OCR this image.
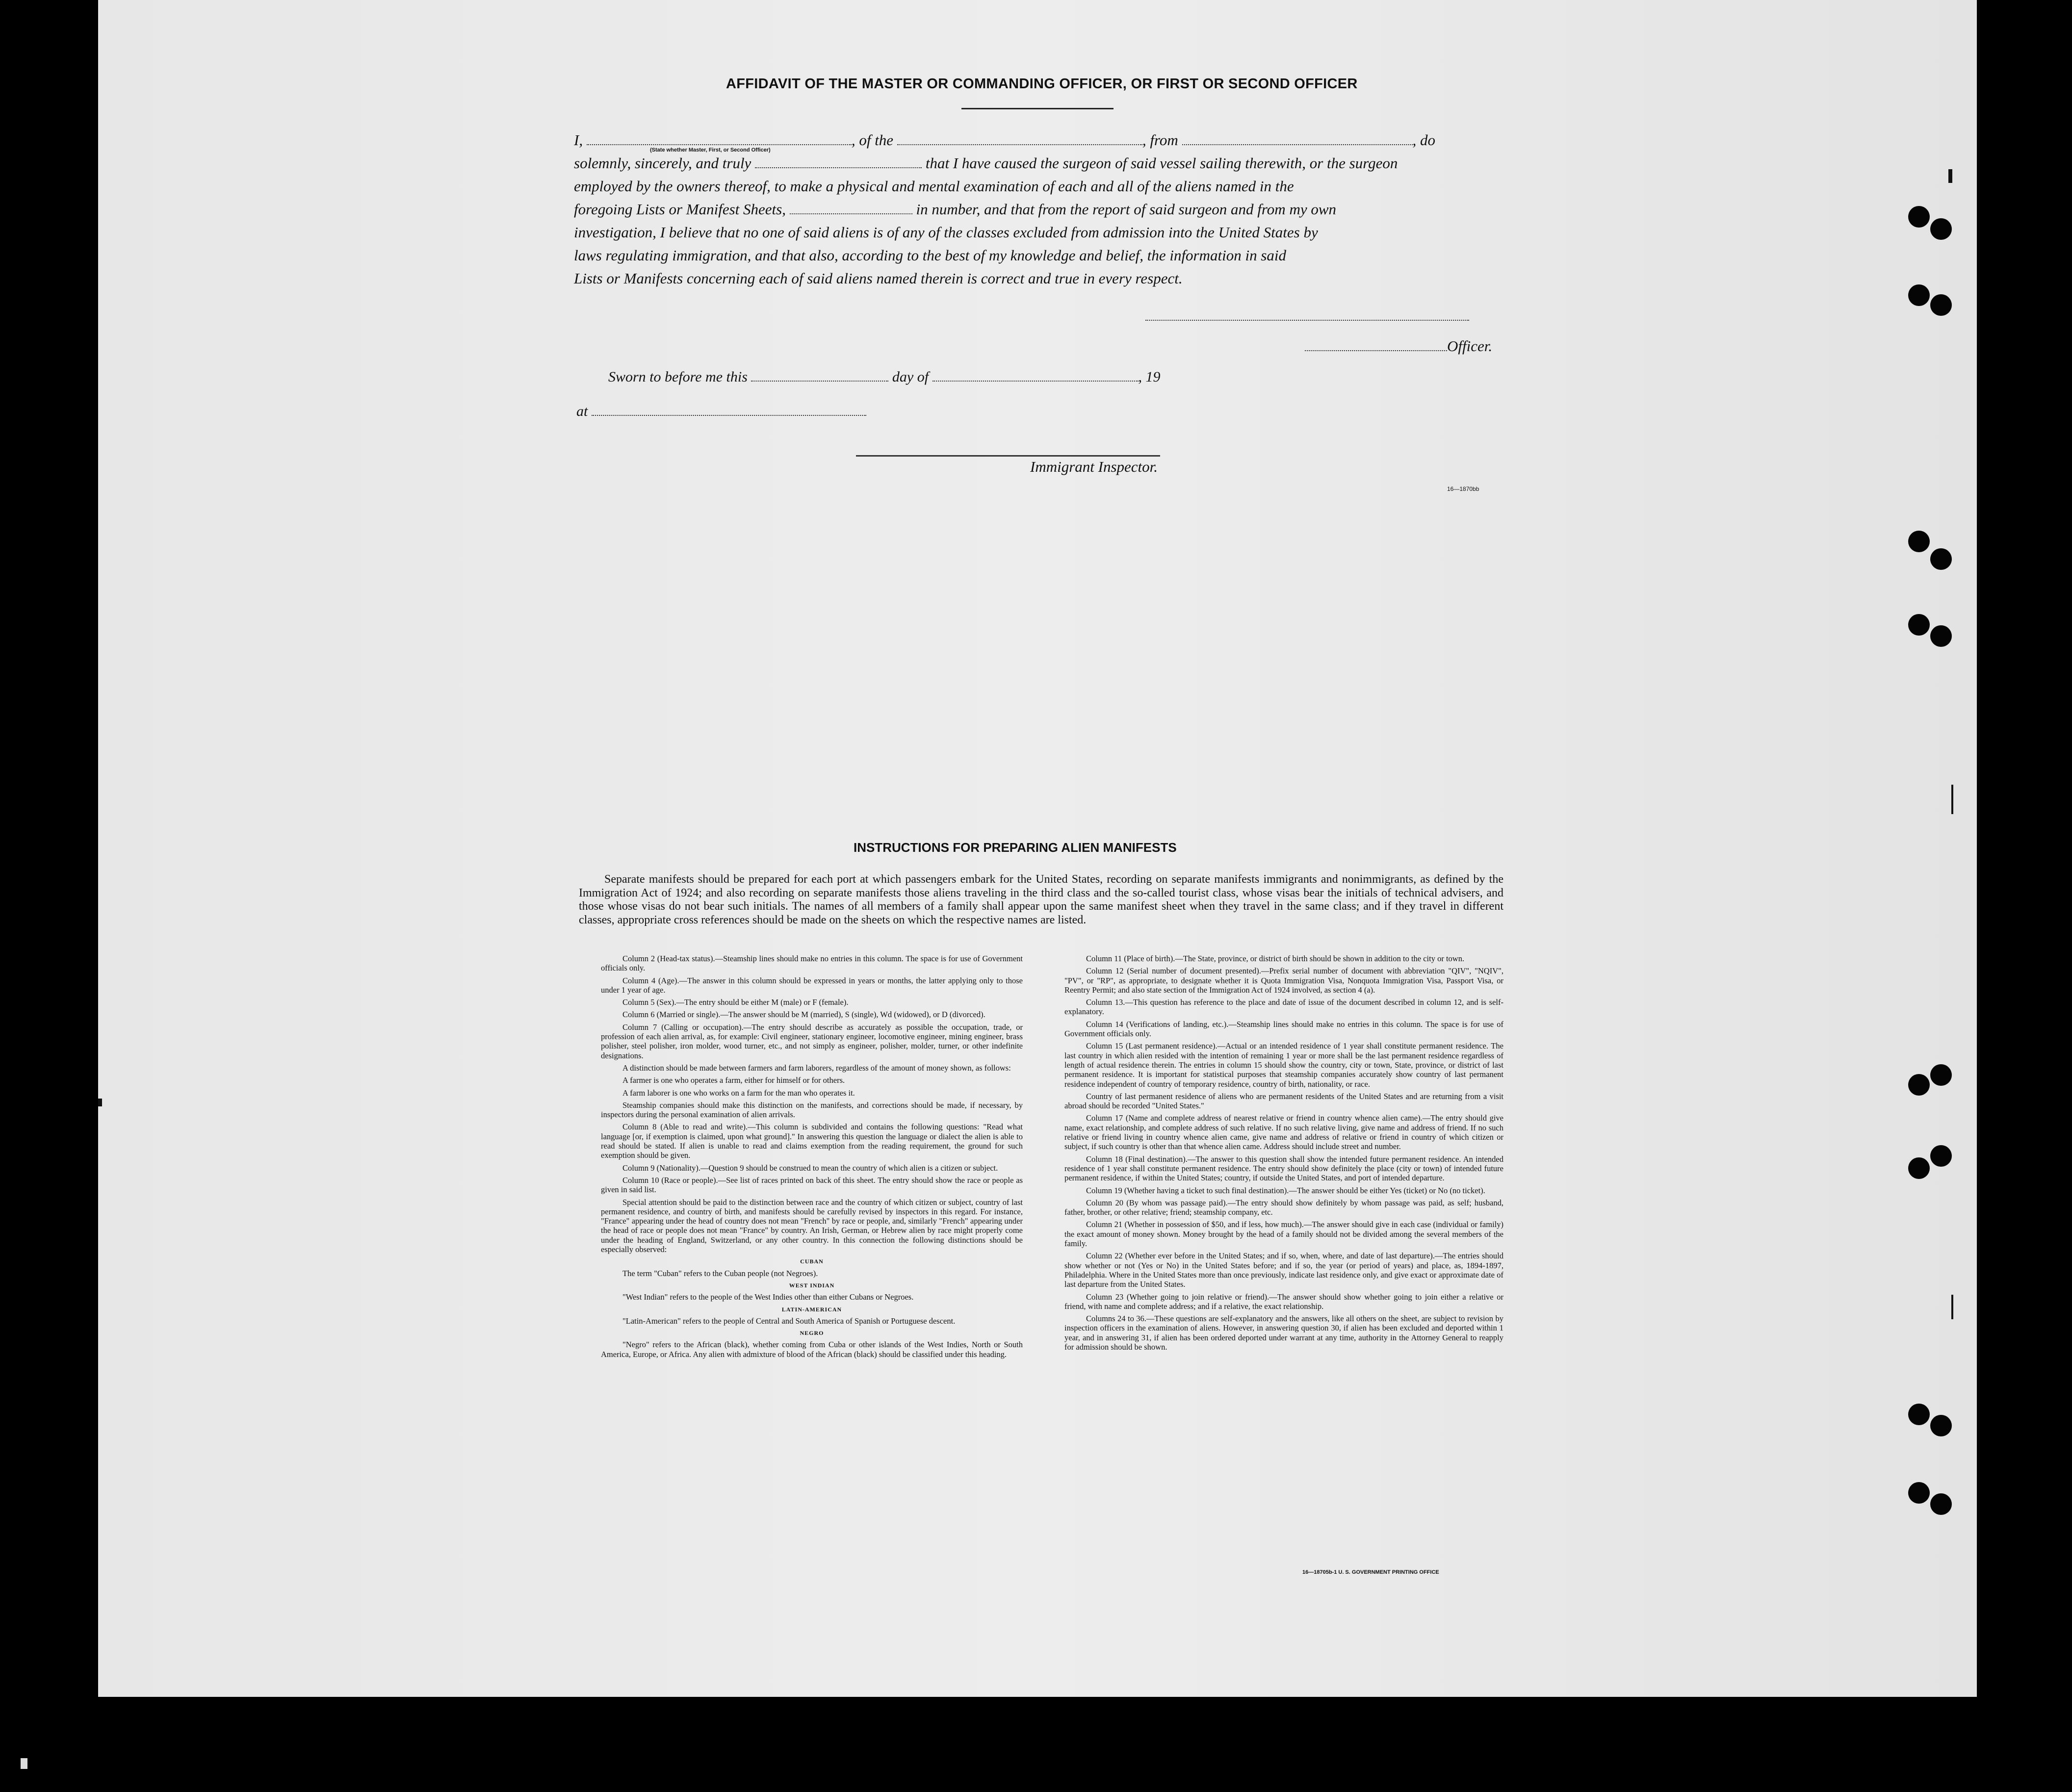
AFFIDAVIT OF THE MASTER OR COMMANDING OFFICER, OR FIRST OR SECOND OFFICER

I,	, of the	, from	, do

solemnly, sincerely, and truly	that I have caused the surgeon of said vessel sailing therewith, or the surgeon

employed by the owners thereof, to make a physical and mental examination of each and all of the aliens named in the

foregoing Lists or Manifest Sheets,	in number, and that from the report of said surgeon and from my own

investigation, I believe that no one of said aliens is of any of the classes excluded from admission into the United States by

laws regulating immigration, and that also, according to the best of my knowledge and belief, the information in said

Lists or Manifests concerning each of said aliens named therein is correct and true in every respect.

(State whether Master, First, or Second Officer)
Officer.
Sworn to before me this	day of	, 19
at
Immigrant Inspector.
16—1870bb
INSTRUCTIONS FOR PREPARING ALIEN MANIFESTS

Separate manifests should be prepared for each port at which passengers embark for the United States, recording on separate manifests immigrants and nonimmigrants, as defined by the Immigration Act of 1924; and also recording on separate manifests those aliens traveling in the third class and the so-called tourist class, whose visas bear the initials of technical advisers, and those whose visas do not bear such initials. The names of all members of a family shall appear upon the same manifest sheet when they travel in the same class; and if they travel in different classes, appropriate cross references should be made on the sheets on which the respective names are listed.

Column 2 (Head-tax status).—Steamship lines should make no entries in this column. The space is for use of Government officials only.

Column 4 (Age).—The answer in this column should be expressed in years or months, the latter applying only to those under 1 year of age.

Column 5 (Sex).—The entry should be either M (male) or F (female).

Column 6 (Married or single).—The answer should be M (married), S (single), Wd (widowed), or D (divorced).

Column 7 (Calling or occupation).—The entry should describe as accurately as possible the occupation, trade, or profession of each alien arrival, as, for example: Civil engineer, stationary engineer, locomotive engineer, mining engineer, brass polisher, steel polisher, iron molder, wood turner, etc., and not simply as engineer, polisher, molder, turner, or other indefinite designations.

A distinction should be made between farmers and farm laborers, regardless of the amount of money shown, as follows:

A farmer is one who operates a farm, either for himself or for others.

A farm laborer is one who works on a farm for the man who operates it.

Steamship companies should make this distinction on the manifests, and corrections should be made, if necessary, by inspectors during the personal examination of alien arrivals.

Column 8 (Able to read and write).—This column is subdivided and contains the following questions: "Read what language [or, if exemption is claimed, upon what ground]." In answering this question the language or dialect the alien is able to read should be stated. If alien is unable to read and claims exemption from the reading requirement, the ground for such exemption should be given.

Column 9 (Nationality).—Question 9 should be construed to mean the country of which alien is a citizen or subject.

Column 10 (Race or people).—See list of races printed on back of this sheet. The entry should show the race or people as given in said list.

Special attention should be paid to the distinction between race and the country of which citizen or subject, country of last permanent residence, and country of birth, and manifests should be carefully revised by inspectors in this regard. For instance, "France" appearing under the head of country does not mean "French" by race or people, and, similarly "French" appearing under the head of race or people does not mean "France" by country. An Irish, German, or Hebrew alien by race might properly come under the heading of England, Switzerland, or any other country. In this connection the following distinctions should be especially observed:

CUBAN

The term "Cuban" refers to the Cuban people (not Negroes).

WEST INDIAN

"West Indian" refers to the people of the West Indies other than either Cubans or Negroes.

LATIN-AMERICAN

"Latin-American" refers to the people of Central and South America of Spanish or Portuguese descent.

NEGRO

"Negro" refers to the African (black), whether coming from Cuba or other islands of the West Indies, North or South America, Europe, or Africa. Any alien with admixture of blood of the African (black) should be classified under this heading.

Column 11 (Place of birth).—The State, province, or district of birth should be shown in addition to the city or town.

Column 12 (Serial number of document presented).—Prefix serial number of document with abbreviation "QIV", "NQIV", "PV", or "RP", as appropriate, to designate whether it is Quota Immigration Visa, Nonquota Immigration Visa, Passport Visa, or Reentry Permit; and also state section of the Immigration Act of 1924 involved, as section 4 (a).

Column 13.—This question has reference to the place and date of issue of the document described in column 12, and is self-explanatory.

Column 14 (Verifications of landing, etc.).—Steamship lines should make no entries in this column. The space is for use of Government officials only.

Column 15 (Last permanent residence).—Actual or an intended residence of 1 year shall constitute permanent residence. The last country in which alien resided with the intention of remaining 1 year or more shall be the last permanent residence regardless of length of actual residence therein. The entries in column 15 should show the country, city or town, State, province, or district of last permanent residence. It is important for statistical purposes that steamship companies accurately show country of last permanent residence independent of country of temporary residence, country of birth, nationality, or race.

Country of last permanent residence of aliens who are permanent residents of the United States and are returning from a visit abroad should be recorded "United States."

Column 17 (Name and complete address of nearest relative or friend in country whence alien came).—The entry should give name, exact relationship, and complete address of such relative. If no such relative living, give name and address of friend. If no such relative or friend living in country whence alien came, give name and address of relative or friend in country of which citizen or subject, if such country is other than that whence alien came. Address should include street and number.

Column 18 (Final destination).—The answer to this question shall show the intended future permanent residence. An intended residence of 1 year shall constitute permanent residence. The entry should show definitely the place (city or town) of intended future permanent residence, if within the United States; country, if outside the United States, and port of intended departure.

Column 19 (Whether having a ticket to such final destination).—The answer should be either Yes (ticket) or No (no ticket).

Column 20 (By whom was passage paid).—The entry should show definitely by whom passage was paid, as self; husband, father, brother, or other relative; friend; steamship company, etc.

Column 21 (Whether in possession of $50, and if less, how much).—The answer should give in each case (individual or family) the exact amount of money shown. Money brought by the head of a family should not be divided among the several members of the family.

Column 22 (Whether ever before in the United States; and if so, when, where, and date of last departure).—The entries should show whether or not (Yes or No) in the United States before; and if so, the year (or period of years) and place, as, 1894-1897, Philadelphia. Where in the United States more than once previously, indicate last residence only, and give exact or approximate date of last departure from the United States.

Column 23 (Whether going to join relative or friend).—The answer should show whether going to join either a relative or friend, with name and complete address; and if a relative, the exact relationship.

Columns 24 to 36.—These questions are self-explanatory and the answers, like all others on the sheet, are subject to revision by inspection officers in the examination of aliens. However, in answering question 30, if alien has been excluded and deported within 1 year, and in answering 31, if alien has been ordered deported under warrant at any time, authority in the Attorney General to reapply for admission should be shown.

16—18705b-1 U. S. GOVERNMENT PRINTING OFFICE
